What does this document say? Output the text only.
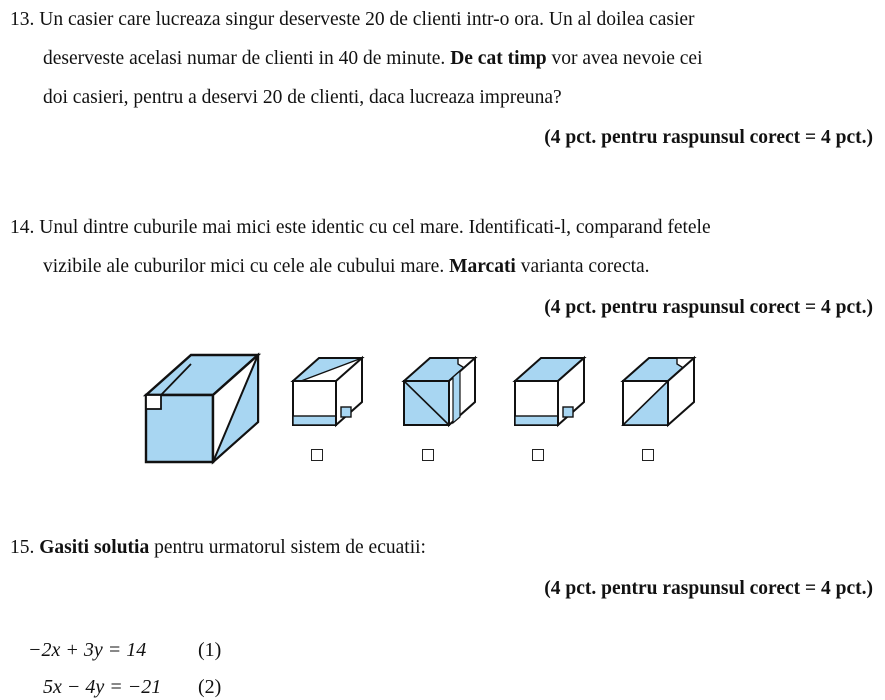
13. Un casier care lucreaza singur deserveste 20 de clienti intr-o ora. Un al doilea casier
deserveste acelasi numar de clienti in 40 de minute. De cat timp vor avea nevoie cei
doi casieri, pentru a deservi 20 de clienti, daca lucreaza impreuna?
(4 pct. pentru raspunsul corect = 4 pct.)
14. Unul dintre cuburile mai mici este identic cu cel mare. Identificati-l, comparand fetele
vizibile ale cuburilor mici cu cele ale cubului mare. Marcati varianta corecta.
(4 pct. pentru raspunsul corect = 4 pct.)
15. Gasiti solutia pentru urmatorul sistem de ecuatii:
(4 pct. pentru raspunsul corect = 4 pct.)
−2x + 3y = 14	(1)
5x − 4y = −21 (2)
